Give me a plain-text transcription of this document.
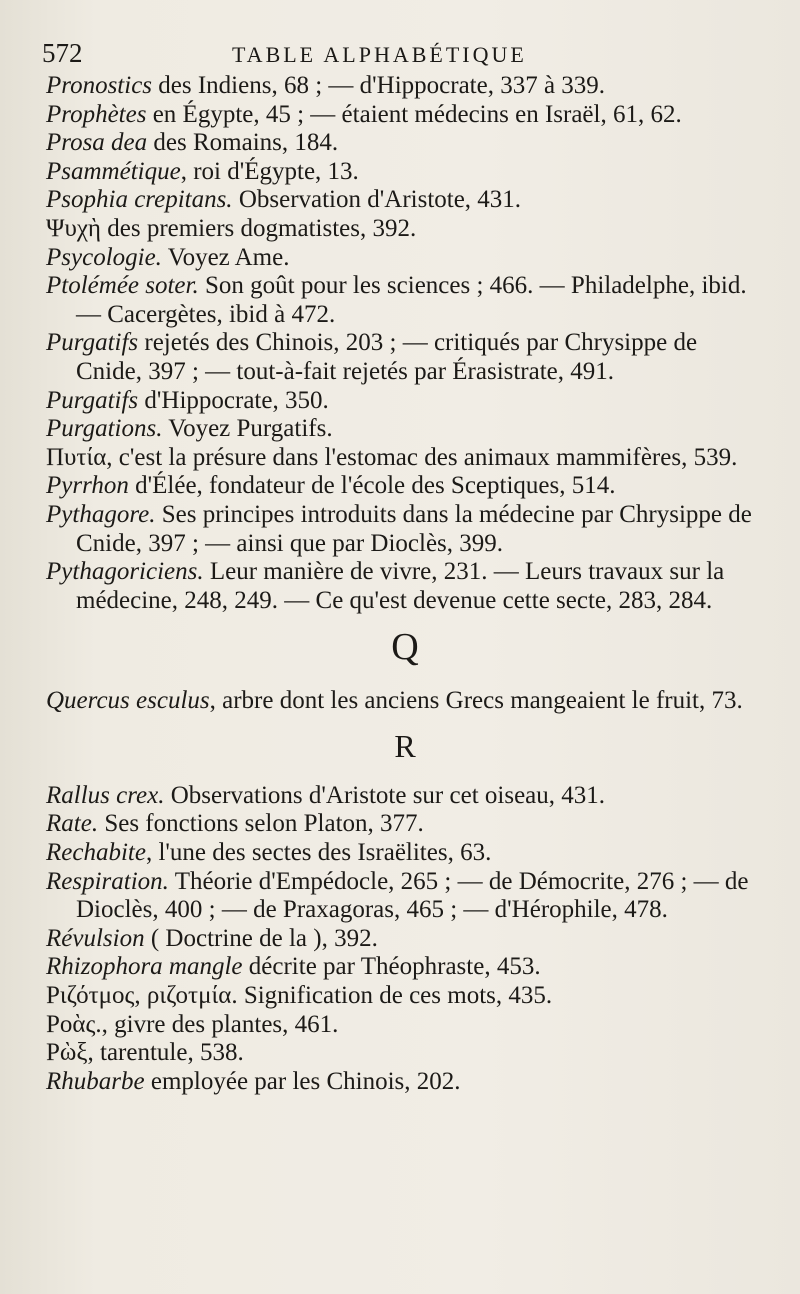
572	TABLE ALPHABÉTIQUE

Pronostics des Indiens, 68 ; — d'Hippocrate, 337 à 339.

Prophètes en Égypte, 45 ; — étaient médecins en Israël, 61, 62.

Prosa dea des Romains, 184.

Psammétique, roi d'Égypte, 13.

Psophia crepitans. Observation d'Aristote, 431.

Ψυχὴ des premiers dogmatistes, 392.

Psycologie. Voyez Ame.

Ptolémée soter. Son goût pour les sciences ; 466. — Philadelphe, ibid. — Cacergètes, ibid à 472.

Purgatifs rejetés des Chinois, 203 ; — critiqués par Chrysippe de Cnide, 397 ; — tout-à-fait rejetés par Érasistrate, 491.

Purgatifs d'Hippocrate, 350.

Purgations. Voyez Purgatifs.

Πυτία, c'est la présure dans l'estomac des animaux mammifères, 539.

Pyrrhon d'Élée, fondateur de l'école des Sceptiques, 514.

Pythagore. Ses principes introduits dans la médecine par Chrysippe de Cnide, 397 ; — ainsi que par Dioclès, 399.

Pythagoriciens. Leur manière de vivre, 231. — Leurs travaux sur la médecine, 248, 249. — Ce qu'est devenue cette secte, 283, 284.

Q

Quercus esculus, arbre dont les anciens Grecs mangeaient le fruit, 73.

R

Rallus crex. Observations d'Aristote sur cet oiseau, 431.

Rate. Ses fonctions selon Platon, 377.

Rechabite, l'une des sectes des Israëlites, 63.

Respiration. Théorie d'Empédocle, 265 ; — de Démocrite, 276 ; — de Dioclès, 400 ; — de Praxagoras, 465 ; — d'Hérophile, 478.

Révulsion ( Doctrine de la ), 392.

Rhizophora mangle décrite par Théophraste, 453.

Ριζότμος, ριζοτμία. Signification de ces mots, 435.

Ροὰς., givre des plantes, 461.

Ρὼξ, tarentule, 538.

Rhubarbe employée par les Chinois, 202.
